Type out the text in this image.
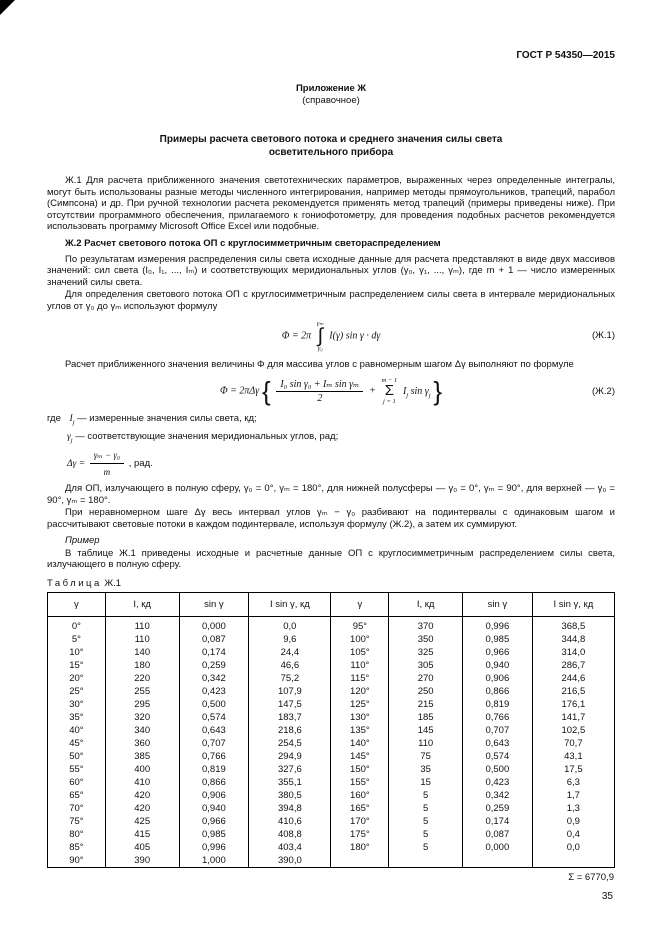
ГОСТ Р 54350—2015
Приложение Ж
(справочное)
Примеры расчета светового потока и среднего значения силы света
осветительного прибора

Ж.1 Для расчета приближенного значения светотехнических параметров, выраженных через определенные интегралы, могут быть использованы разные методы численного интегрирования, например методы прямоугольников, трапеций, парабол (Симпсона) и др. При ручной технологии расчета рекомендуется применять метод трапеций (примеры приведены ниже). При отсутствии программного обеспечения, прилагаемого к гониофотометру, для проведения подобных расчетов рекомендуется использовать программу Microsoft Office Excel или подобные.

Ж.2 Расчет светового потока ОП с круглосимметричным светораспределением

По результатам измерения распределения силы света исходные данные для расчета представляют в виде двух массивов значений: сил света (I₀, I₁, ..., Iₘ) и соответствующих меридиональных углов (γ₀, γ₁, ..., γₘ), где m + 1 — число измеренных значений силы света.

Для определения светового потока ОП с круглосимметричным распределением силы света в интервале меридиональных углов от γ₀ до γₘ используют формулу

Φ = 2π
γₘ
∫
γ₀
I(γ) sin γ · dγ	(Ж.1)

Расчет приближенного значения величины Φ для массива углов с равномерным шагом Δγ выполняют по формуле

Φ = 2πΔγ { $\frac{\text{I₀ sin γ₀ + Iₘ sin γₘ}}{2}$ +
m − 1
Σ
j = 1
$I_j$ $\sin \gamma_j$ }	(Ж.2)
где $I_j$ — измеренные значения силы света, кд;
$\gamma_j$ — соответствующие значения меридиональных углов, рад;
$\Delta\gamma = \frac{\text{γₘ − γ₀}}{m}$ , рад.

Для ОП, излучающего в полную сферу, γ₀ = 0°, γₘ = 180°, для нижней полусферы — γ₀ = 0°, γₘ = 90°, для верхней — γ₀ = 90°, γₘ = 180°.

При неравномерном шаге Δγ весь интервал углов γₘ − γ₀ разбивают на подинтервалы с одинаковым шагом и рассчитывают световые потоки в каждом подинтервале, используя формулу (Ж.2), а затем их суммируют.

Пример

В таблице Ж.1 приведены исходные и расчетные данные ОП с круглосимметричным распределением силы света, излучающего в полную сферу.

Таблица Ж.1
γ	I, кд	sin γ	I sin γ, кд	γ	I, кд	sin γ	I sin γ, кд
0°	110	0,000	0,0	95°	370	0,996	368,5
5°	110	0,087	9,6	100°	350	0,985	344,8
10°	140	0,174	24,4	105°	325	0,966	314,0
15°	180	0,259	46,6	110°	305	0,940	286,7
20°	220	0,342	75,2	115°	270	0,906	244,6
25°	255	0,423	107,9	120°	250	0,866	216,5
30°	295	0,500	147,5	125°	215	0,819	176,1
35°	320	0,574	183,7	130°	185	0,766	141,7
40°	340	0,643	218,6	135°	145	0,707	102,5
45°	360	0,707	254,5	140°	110	0,643	70,7
50°	385	0,766	294,9	145°	75	0,574	43,1
55°	400	0,819	327,6	150°	35	0,500	17,5
60°	410	0,866	355,1	155°	15	0,423	6,3
65°	420	0,906	380,5	160°	5	0,342	1,7
70°	420	0,940	394,8	165°	5	0,259	1,3
75°	425	0,966	410,6	170°	5	0,174	0,9
80°	415	0,985	408,8	175°	5	0,087	0,4
85°	405	0,996	403,4	180°	5	0,000	0,0
90°	390	1,000	390,0				
Σ = 6770,9
35
